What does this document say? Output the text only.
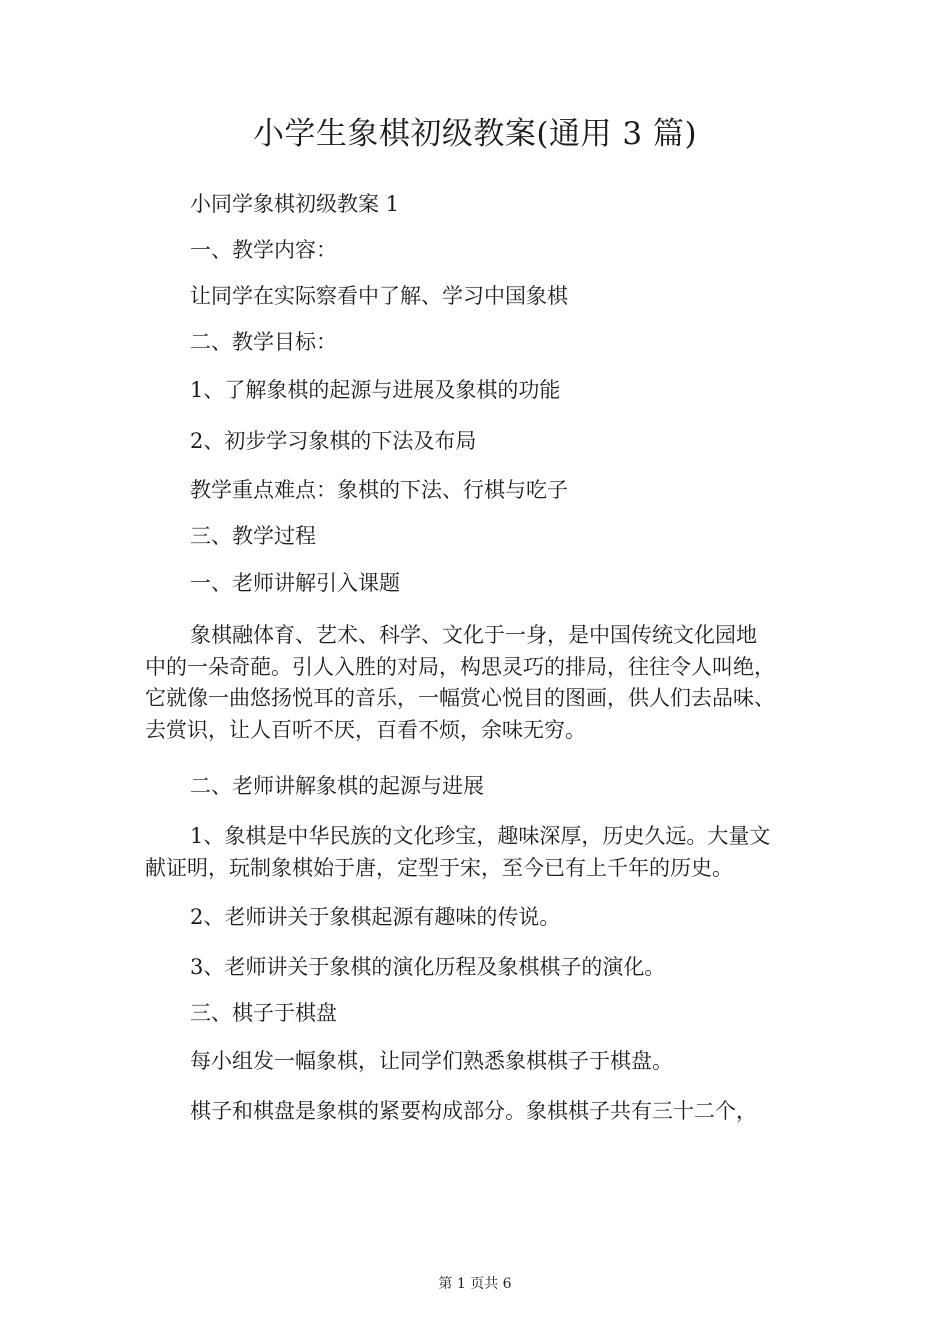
小学生象棋初级教案(通用 3 篇)
小同学象棋初级教案 1
一、教学内容：
让同学在实际察看中了解、学习中国象棋
二、教学目标：
1、了解象棋的起源与进展及象棋的功能
2、初步学习象棋的下法及布局
教学重点难点：象棋的下法、行棋与吃子
三、教学过程
一、老师讲解引入课题
象棋融体育、艺术、科学、文化于一身，是中国传统文化园地
中的一朵奇葩。引人入胜的对局，构思灵巧的排局，往往令人叫绝，
它就像一曲悠扬悦耳的音乐，一幅赏心悦目的图画，供人们去品味、
去赏识，让人百听不厌，百看不烦，余味无穷。
二、老师讲解象棋的起源与进展
1、象棋是中华民族的文化珍宝，趣味深厚，历史久远。大量文
献证明，玩制象棋始于唐，定型于宋，至今已有上千年的历史。
2、老师讲关于象棋起源有趣味的传说。
3、老师讲关于象棋的演化历程及象棋棋子的演化。
三、棋子于棋盘
每小组发一幅象棋，让同学们熟悉象棋棋子于棋盘。
棋子和棋盘是象棋的紧要构成部分。象棋棋子共有三十二个，
第 1 页共 6
